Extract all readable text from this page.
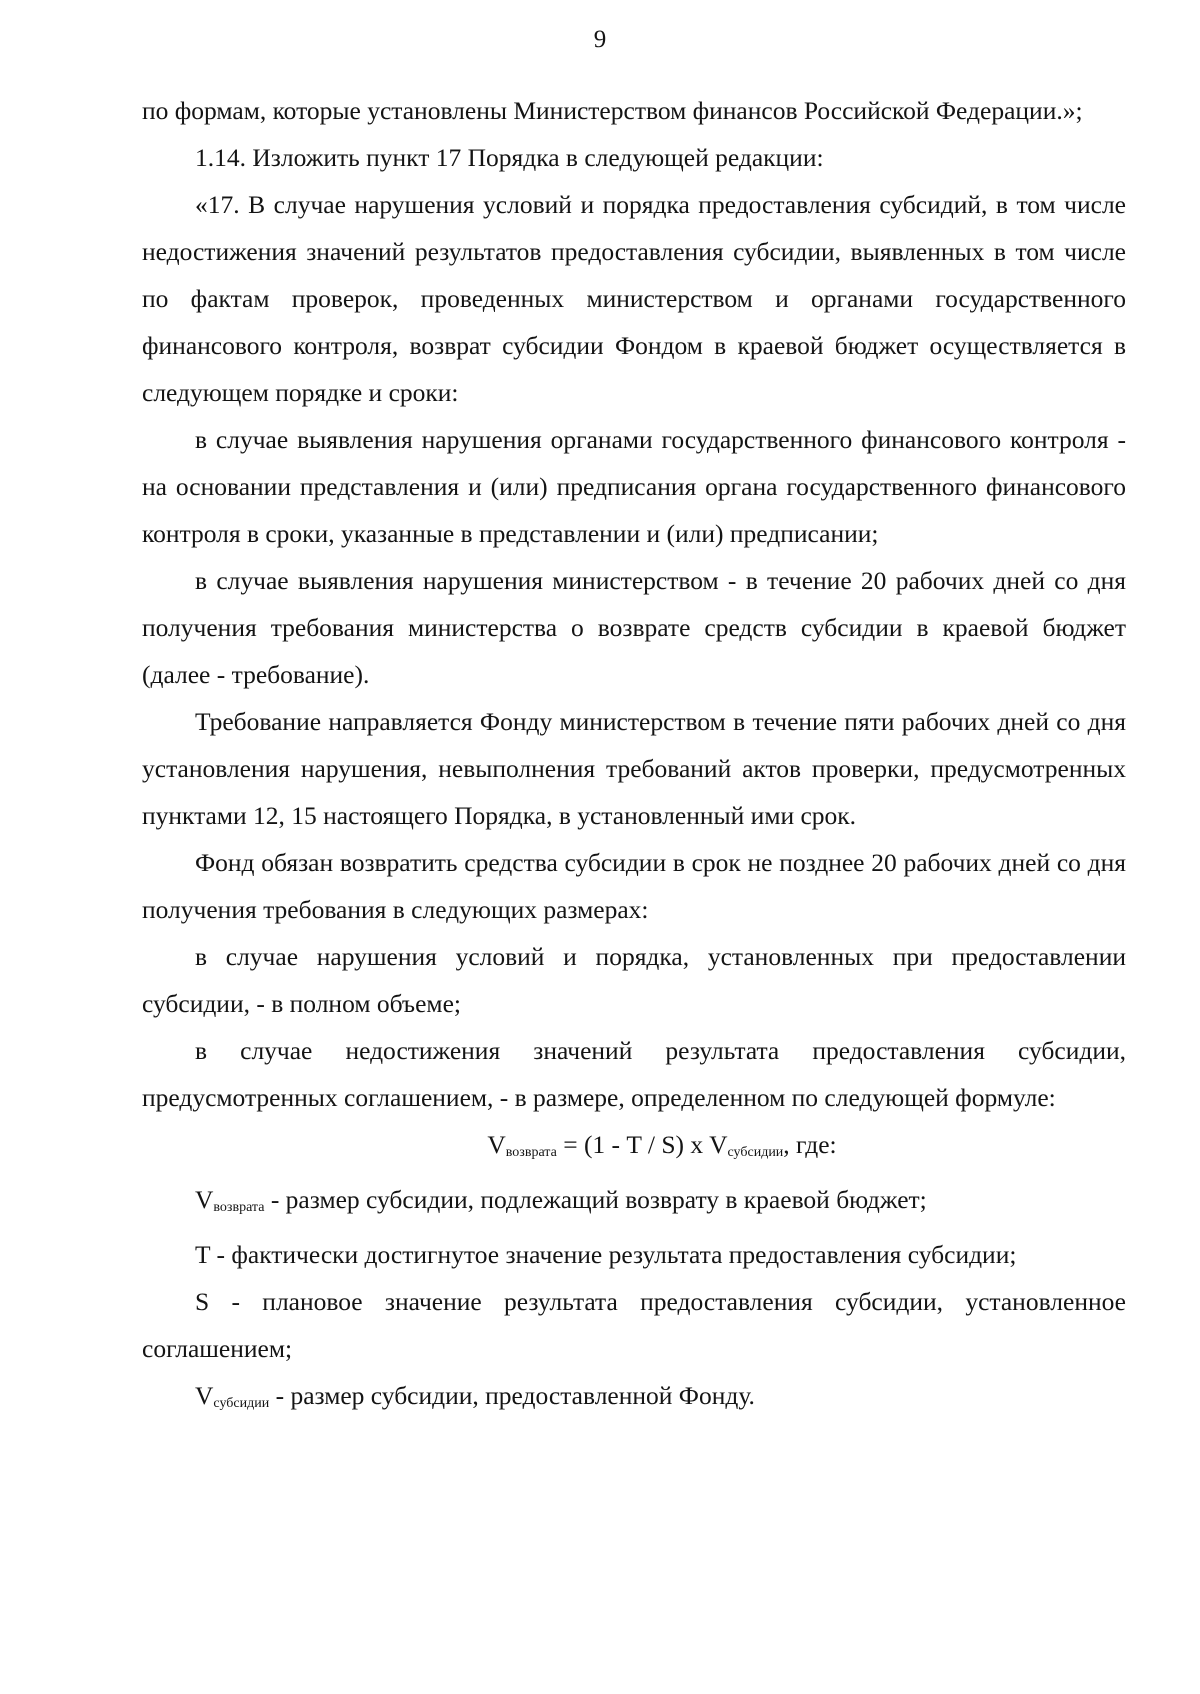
9

по формам, которые установлены Министерством финансов Российской Федерации.»;

1.14. Изложить пункт 17 Порядка в следующей редакции:

«17. В случае нарушения условий и порядка предоставления субсидий, в том числе недостижения значений результатов предоставления субсидии, выявленных в том числе по фактам проверок, проведенных министерством и органами государственного финансового контроля, возврат субсидии Фондом в краевой бюджет осуществляется в следующем порядке и сроки:

в случае выявления нарушения органами государственного финансового контроля - на основании представления и (или) предписания органа государственного финансового контроля в сроки, указанные в представлении и (или) предписании;

в случае выявления нарушения министерством - в течение 20 рабочих дней со дня получения требования министерства о возврате средств субсидии в краевой бюджет (далее - требование).

Требование направляется Фонду министерством в течение пяти рабочих дней со дня установления нарушения, невыполнения требований актов проверки, предусмотренных пунктами 12, 15 настоящего Порядка, в установленный ими срок.

Фонд обязан возвратить средства субсидии в срок не позднее 20 рабочих дней со дня получения требования в следующих размерах:

в случае нарушения условий и порядка, установленных при предоставлении субсидии, - в полном объеме;

в случае недостижения значений результата предоставления субсидии, предусмотренных соглашением, - в размере, определенном по следующей формуле:

$V_{возврата} = (1 - T / S)$ x $V_{субсидии}$, где:

$V_{возврата}$ - размер субсидии, подлежащий возврату в краевой бюджет;

T - фактически достигнутое значение результата предоставления субсидии;

S - плановое значение результата предоставления субсидии, установленное соглашением;

$V_{субсидии}$ - размер субсидии, предоставленной Фонду.
